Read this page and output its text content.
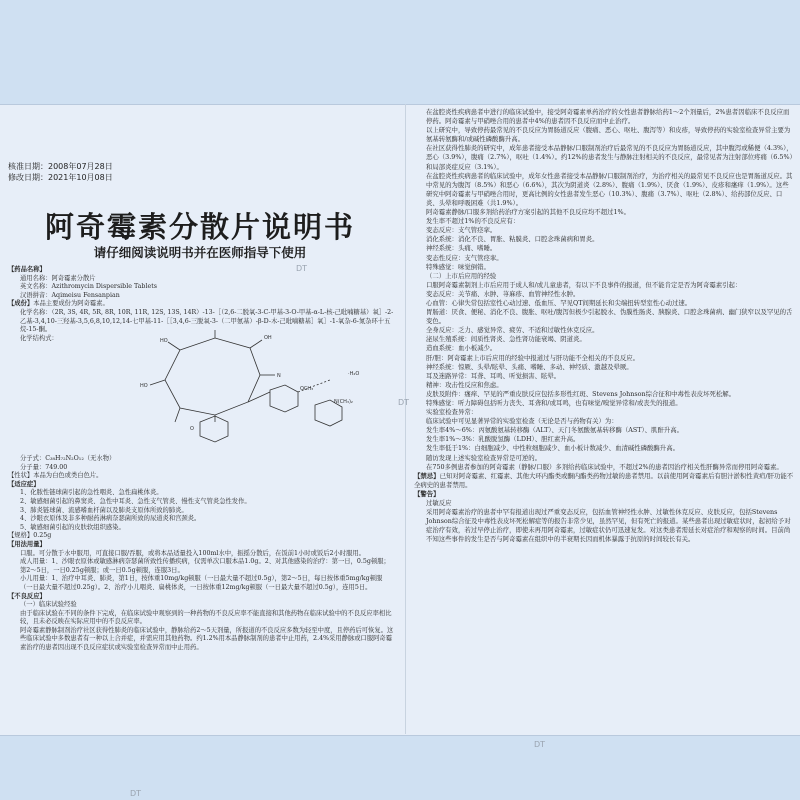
核准日期：2008年07月28日
修改日期：2021年10月08日
阿奇霉素分散片说明书
请仔细阅读说明书并在医师指导下使用

【药品名称】

通用名称：阿奇霉素分散片

英文名称：Azithromycin Dispersible Tablets

汉语拼音：Aqimeisu Fensanpian

【成份】本品主要成份为阿奇霉素。

化学名称：（2R, 3S, 4R, 5R, 8R, 10R, 11R, 12S, 13S, 14R）-13-［（2,6-二脱氧-3-C-甲基-3-O-甲基-α-L-核-己吡喃糖基）氧］-2-乙基-3,4,10-三羟基-3,5,6,8,10,12,14-七甲基-11-［［3,4,6-三脱氧-3-（二甲氨基）-β-D-木-己吡喃糖基］氧］-1-氧杂-6-氮杂环十五烷-15-酮。

化学结构式：	HO	OH
N
HO
O
OCH₃
N(CH₃)₂
·H₂O

分子式：C₃₈H₇₂N₂O₁₂（无水物）

分子量：749.00

【性状】本品为白色或类白色片。

【适应症】

1、化脓性链球菌引起的急性咽炎、急性扁桃体炎。

2、敏感细菌引起的鼻窦炎、急性中耳炎、急性支气管炎、慢性支气管炎急性发作。

3、肺炎链球菌、流感嗜血杆菌以及肺炎支原体所致的肺炎。

4、沙眼衣原体及非多种耐药淋病奈瑟菌所致的尿道炎和宫颈炎。

5、敏感细菌引起的皮肤软组织感染。

【规格】0.25g

【用法用量】

口服。可分散于水中服用，可直接口服/吞服，或将本品适量投入100ml水中，振摇分散后，在饭前1小时或饭后2小时服用。

成人用量：1、沙眼衣原体或敏感淋病奈瑟菌所致性传播疾病，仅需单次口服本品1.0g。2、对其他感染的治疗：第一日，0.5g顿服；第2～5日，一日0.25g顿服；或一日0.5g顿服，连服3日。

小儿用量：1、治疗中耳炎、肺炎，第1日，按体重10mg/kg顿服（一日最大量不超过0.5g），第2～5日，每日按体重5mg/kg顿服（一日最大量不超过0.25g）。2、治疗小儿咽炎、扁桃体炎，一日按体重12mg/kg顿服（一日最大量不超过0.5g），连用5日。

【不良反应】

（一）临床试验经验

由于临床试验在不同的条件下完成，在临床试验中观察到的一种药物的不良反应率不能直接和其他药物在临床试验中的不良反应率相比较，且未必反映在实际应用中的不良反应率。

阿奇霉素静脉制剂治疗社区获得性肺炎的临床试验中，静脉给药2～5天剂量，所报道的不良反应多数为轻至中度，且停药后可恢复。这些临床试验中多数患者有一种以上合并症，并需应用其他药物。约1.2%用本品静脉制剂的患者中止用药，2.4%采用静脉或口服阿奇霉素治疗的患者因出现不良反应症状或实验室检查异常而中止用药。

在盆腔炎性疾病患者中进行的临床试验中，接受阿奇霉素单药治疗的女性患者静脉给药1～2个剂量后，2%患者因临床不良反应而停药。阿奇霉素与甲硝唑合用的患者中4%的患者因不良反应而中止治疗。

以上研究中，导致停药最常见的不良反应为胃肠道反应（腹痛、恶心、呕吐、腹泻等）和皮疹，导致停药的实验室检查异常主要为氨基转氨酶和/或碱性磷酸酶升高。

在社区获得性肺炎的研究中，成年患者接受本品静脉/口服制剂治疗后最常见的不良反应为胃肠道反应，其中腹泻或稀便（4.3%），恶心（3.9%），腹痛（2.7%），呕吐（1.4%）。约12%的患者发生与静脉注射相关的不良反应，最常见者为注射部位疼痛（6.5%）和局部炎症反应（3.1%）。

在盆腔炎性疾病患者的临床试验中，成年女性患者接受本品静脉/口服制剂治疗，为治疗相关的最常见不良反应也是胃肠道反应。其中常见的为腹泻（8.5%）和恶心（6.6%），其次为阴道炎（2.8%）、腹痛（1.9%）、厌食（1.9%）、皮疹和瘙痒（1.9%）。这些研究中阿奇霉素与甲硝唑合用时，更高比例的女性患者发生恶心（10.3%）、腹痛（3.7%）、呕吐（2.8%）、给药部位反应、口炎、头晕和呼吸困难（共1.9%）。

阿奇霉素静脉/口服多剂给药治疗方案引起的其他不良反应均不超过1%。

发生率不超过1%的不良反应有：

变态反应：支气管痉挛。

消化系统：消化不良、胃胀、粘膜炎、口腔念珠菌病和胃炎。

神经系统：头痛、嗜睡。

变态性反应：支气管痉挛。

特殊感觉：味觉倒错。

（二）上市后应用的经验

口服阿奇霉素制剂上市后应用于成人和/或儿童患者，有以下不良事件的报道，但不能肯定是否为阿奇霉素引起：

变态反应：关节痛、水肿、荨麻疹、血管神经性水肿。

心血管：心律失常包括室性心动过速、低血压、罕见QT间期延长和尖端扭转型室性心动过速。

胃肠道：厌食、便秘、消化不良、腹胀、呕吐/腹泻但极少引起脱水、伪膜性肠炎、胰腺炎、口腔念珠菌病、幽门狭窄以及罕见的舌变色。

全身反应：乏力、感觉异常、疲劳、不适和过敏性休克反应。

泌尿生殖系统：间质性肾炎、急性肾功能衰竭、阴道炎。

造血系统：血小板减少。

肝/胆：阿奇霉素上市后应用的经验中报道过与肝功能不全相关的不良反应。

神经系统：惊厥、头晕/眩晕、头痛、嗜睡、多动、神经质、激越及晕厥。

耳及迷路异常：耳聋、耳鸣、听觉损害、眩晕。

精神：攻击性反应和焦虑。

皮肤及附件：瘙痒、罕见的严重皮肤反应包括多形性红斑、Stevens Johnson综合征和中毒性表皮坏死松解。

特殊感觉：听力障碍包括听力丧失、耳聋和/或耳鸣，也有味觉/嗅觉异常和/或丧失的报道。

实验室检查异常：

临床试验中可见显著异常的实验室检查（无论是否与药物有关）为：

发生率4%～6%：丙氨酸氨基转移酶（ALT）、天门冬氨酸氨基转移酶（AST）、肌酐升高。

发生率1%～3%：乳酸脱氢酶（LDH）、胆红素升高。

发生率低于1%：白细胞减少、中性粒细胞减少、血小板计数减少、血清碱性磷酸酶升高。

随访发现上述实验室检查异常是可逆的。

在750多例患者参加的阿奇霉素（静脉/口服）多剂给药临床试验中，不超过2%的患者因治疗相关性肝酶异常而停用阿奇霉素。

【禁忌】已知对阿奇霉素、红霉素、其他大环内酯类或酮内酯类药物过敏的患者禁用。以前使用阿奇霉素后有胆汁淤积性黄疸/肝功能不全病史的患者禁用。

【警告】

过敏反应

采用阿奇霉素治疗的患者中罕有报道出现过严重变态反应，包括血管神经性水肿、过敏性休克反应、皮肤反应，包括Stevens Johnson综合征及中毒性表皮坏死松解症等的报告非常少见，虽然罕见，但有死亡的报道。某些患者出现过敏症状时，起初给予对症治疗有效，若过早停止治疗，即使未再用阿奇霉素，过敏症状仍可迅速复发。对这类患者需延长对症治疗和观察的时间。目前尚不知这些事件的发生是否与阿奇霉素在组织中的半衰期长因而机体暴露于抗原的时间较长有关。

DT
DT
DT
DT
